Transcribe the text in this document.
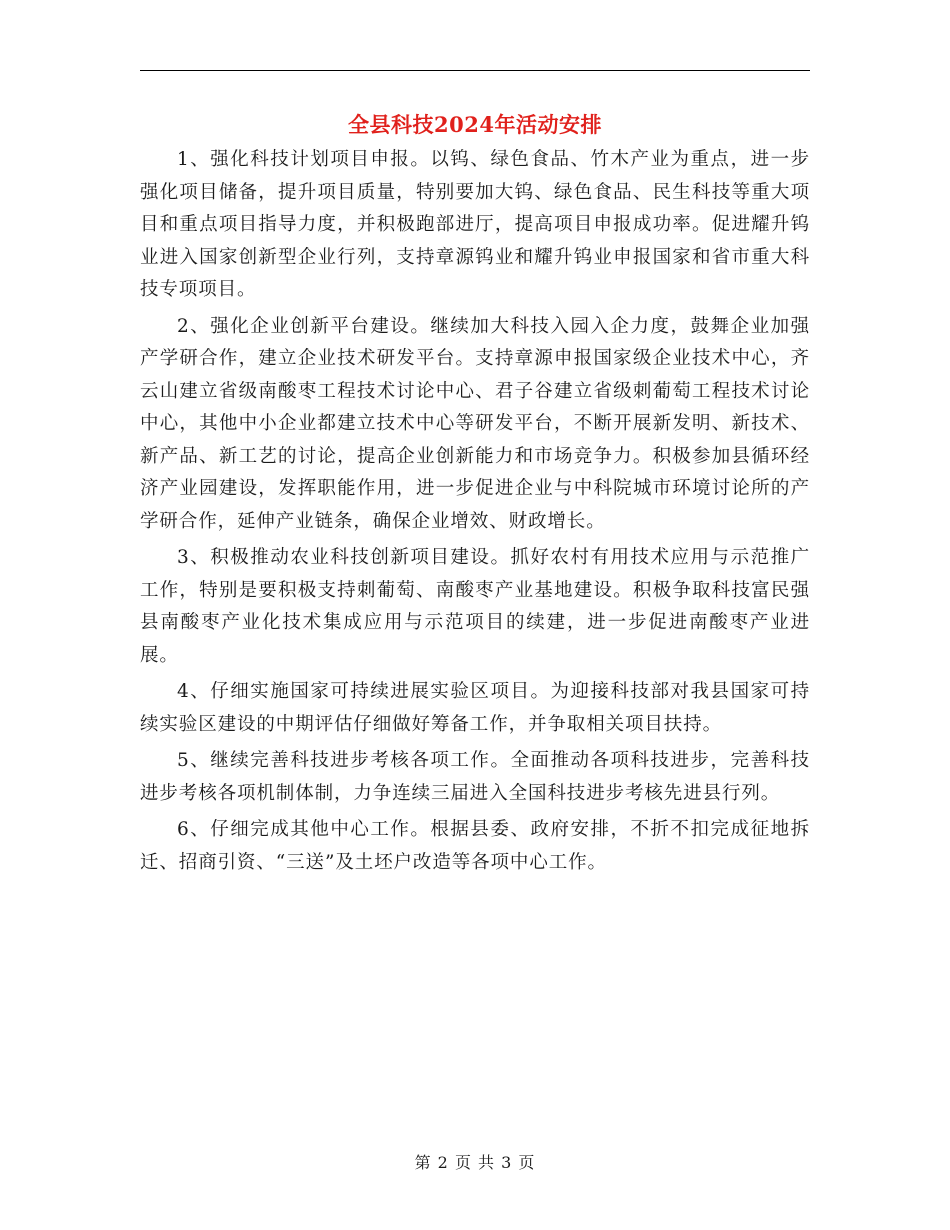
全县科技2024年活动安排

1、强化科技计划项目申报。以钨、绿色食品、竹木产业为重点，进一步强化项目储备，提升项目质量，特别要加大钨、绿色食品、民生科技等重大项目和重点项目指导力度，并积极跑部进厅，提高项目申报成功率。促进耀升钨业进入国家创新型企业行列，支持章源钨业和耀升钨业申报国家和省市重大科技专项项目。

2、强化企业创新平台建设。继续加大科技入园入企力度，鼓舞企业加强产学研合作，建立企业技术研发平台。支持章源申报国家级企业技术中心，齐云山建立省级南酸枣工程技术讨论中心、君子谷建立省级刺葡萄工程技术讨论中心，其他中小企业都建立技术中心等研发平台，不断开展新发明、新技术、新产品、新工艺的讨论，提高企业创新能力和市场竞争力。积极参加县循环经济产业园建设，发挥职能作用，进一步促进企业与中科院城市环境讨论所的产学研合作，延伸产业链条，确保企业增效、财政增长。

3、积极推动农业科技创新项目建设。抓好农村有用技术应用与示范推广工作，特别是要积极支持刺葡萄、南酸枣产业基地建设。积极争取科技富民强县南酸枣产业化技术集成应用与示范项目的续建，进一步促进南酸枣产业进展。

4、仔细实施国家可持续进展实验区项目。为迎接科技部对我县国家可持续实验区建设的中期评估仔细做好筹备工作，并争取相关项目扶持。

5、继续完善科技进步考核各项工作。全面推动各项科技进步，完善科技进步考核各项机制体制，力争连续三届进入全国科技进步考核先进县行列。

6、仔细完成其他中心工作。根据县委、政府安排，不折不扣完成征地拆迁、招商引资、“三送”及土坯户改造等各项中心工作。

第 2 页 共 3 页
